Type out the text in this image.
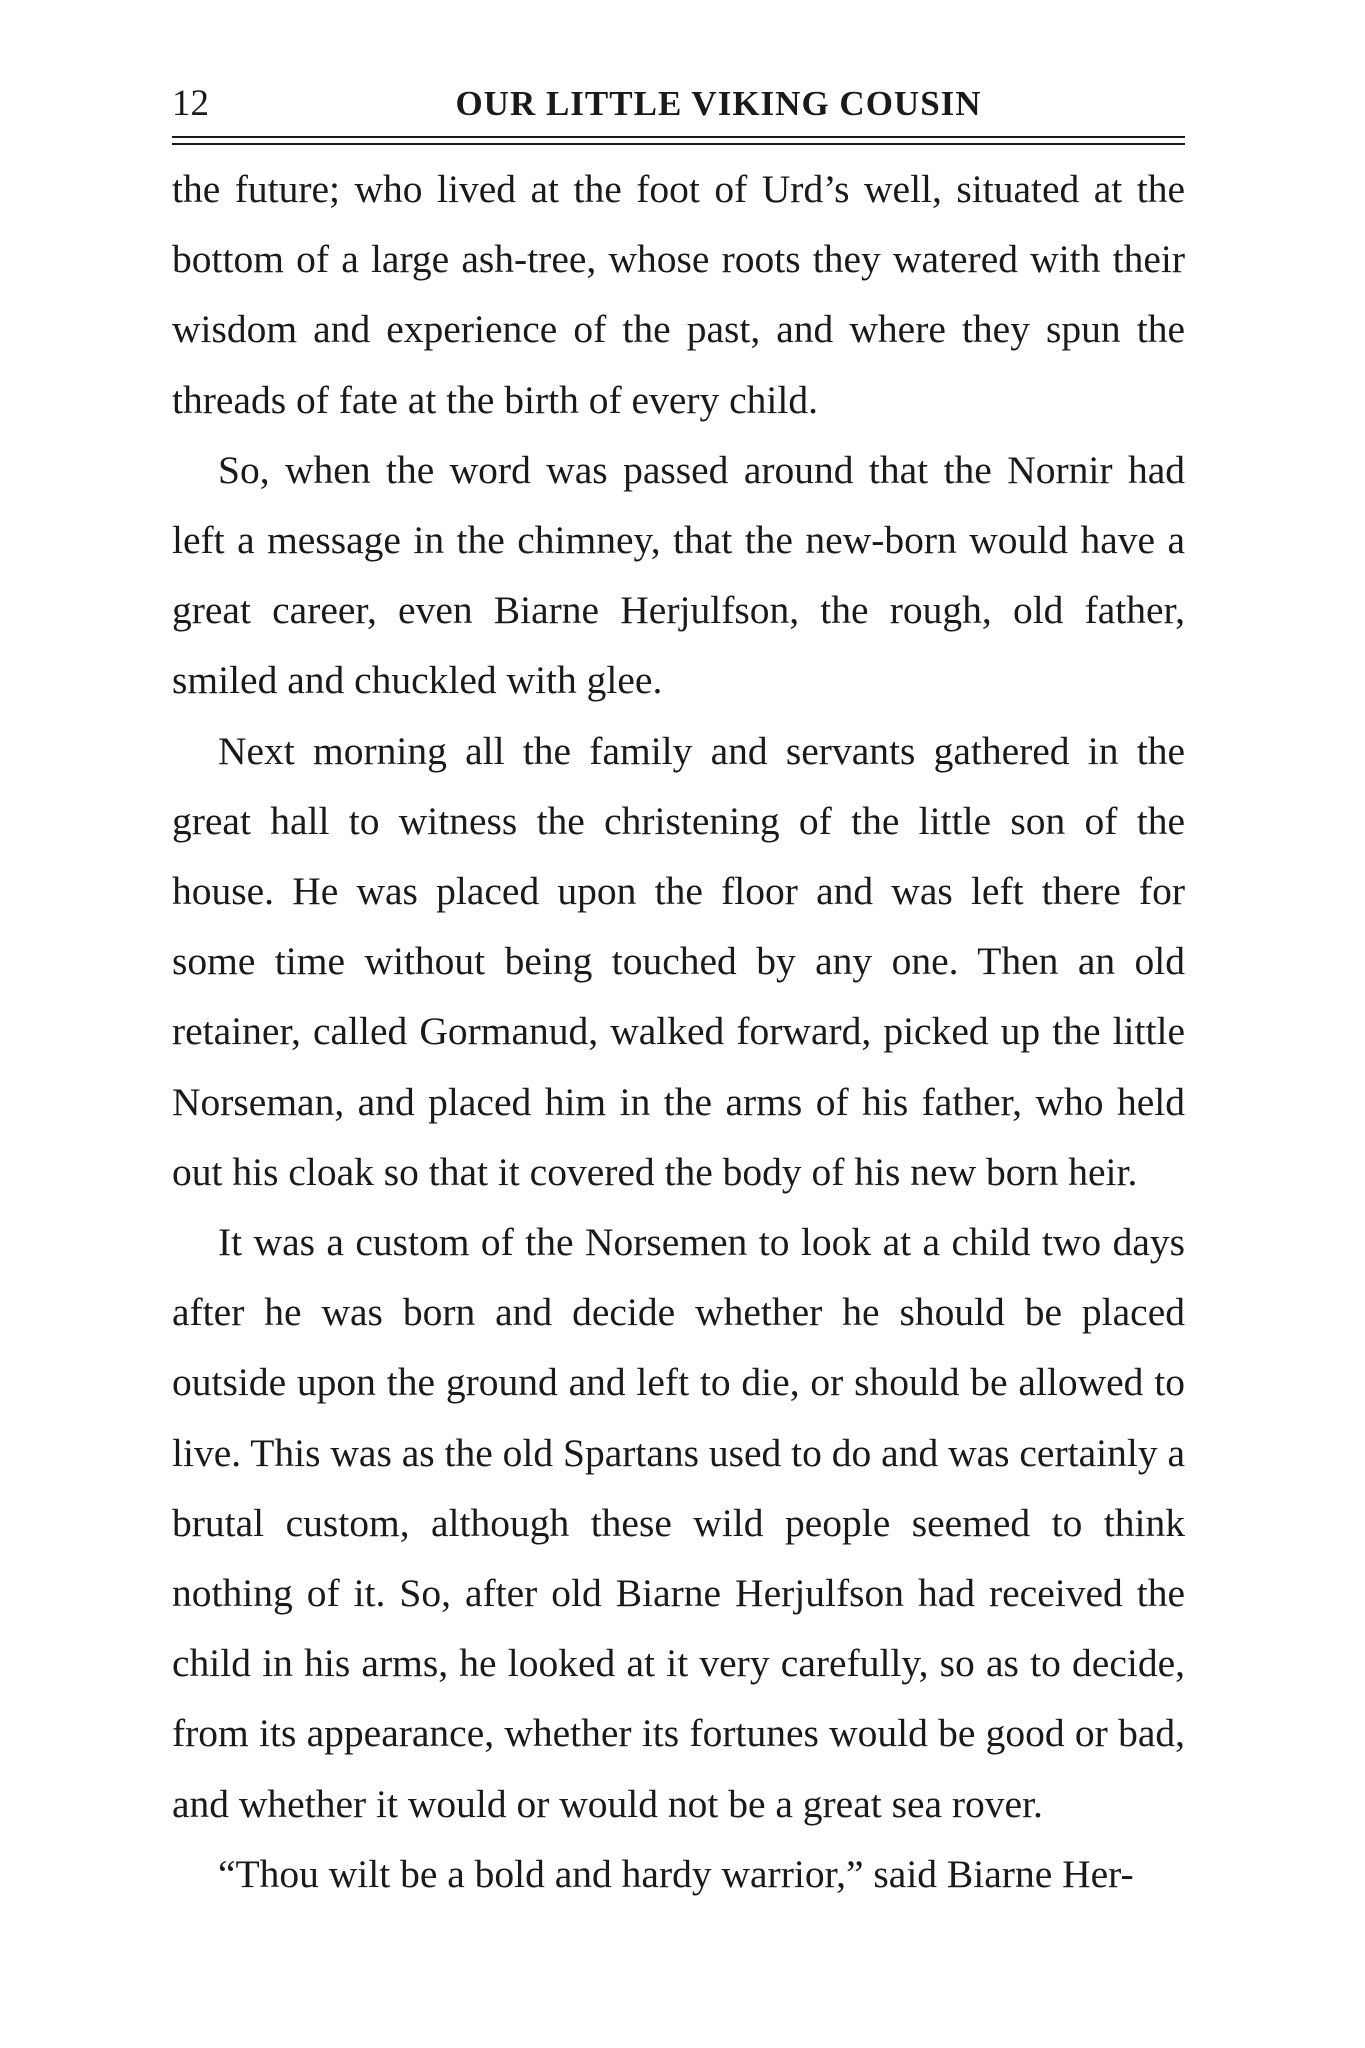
12	OUR LITTLE VIKING COUSIN

the future; who lived at the foot of Urd’s well, situated at the bottom of a large ash-tree, whose roots they watered with their wisdom and experience of the past, and where they spun the threads of fate at the birth of every child.

So, when the word was passed around that the Nornir had left a message in the chimney, that the new-born would have a great career, even Biarne Herjulfson, the rough, old father, smiled and chuckled with glee.

Next morning all the family and servants gathered in the great hall to witness the christening of the little son of the house. He was placed upon the floor and was left there for some time without being touched by any one. Then an old retainer, called Gormanud, walked forward, picked up the little Norseman, and placed him in the arms of his father, who held out his cloak so that it covered the body of his new born heir.

It was a custom of the Norsemen to look at a child two days after he was born and decide whether he should be placed outside upon the ground and left to die, or should be allowed to live. This was as the old Spartans used to do and was certainly a brutal custom, although these wild people seemed to think nothing of it. So, after old Biarne Herjulfson had received the child in his arms, he looked at it very carefully, so as to decide, from its appearance, whether its fortunes would be good or bad, and whether it would or would not be a great sea rover.

“Thou wilt be a bold and hardy warrior,” said Biarne Her-
